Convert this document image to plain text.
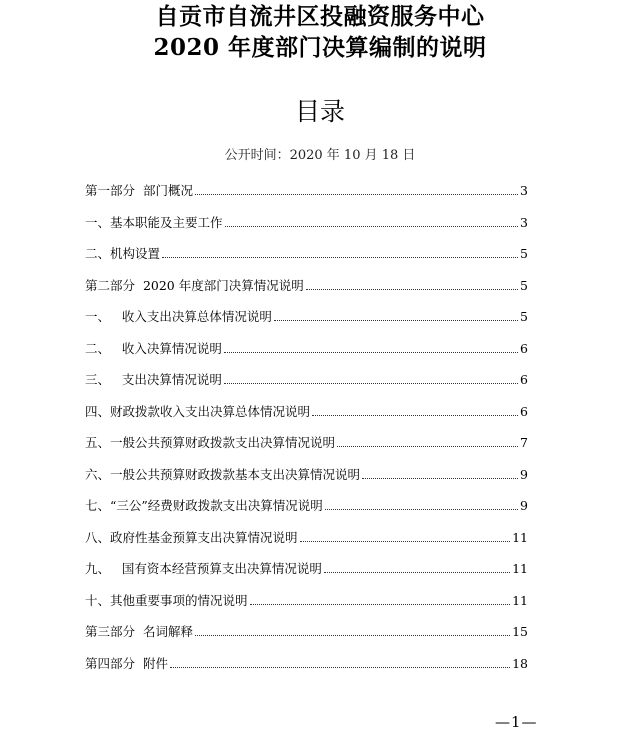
自贡市自流井区投融资服务中心
2020 年度部门决算编制的说明
目录
公开时间：2020 年 10 月 18 日
第一部分  部门概况	3
一、基本职能及主要工作	3
二、机构设置	5
第二部分  2020 年度部门决算情况说明	5
一、   收入支出决算总体情况说明	5
二、   收入决算情况说明	6
三、   支出决算情况说明	6
四、财政拨款收入支出决算总体情况说明	6
五、一般公共预算财政拨款支出决算情况说明	7
六、一般公共预算财政拨款基本支出决算情况说明	9
七、“三公”经费财政拨款支出决算情况说明	9
八、政府性基金预算支出决算情况说明	11
九、   国有资本经营预算支出决算情况说明	11
十、其他重要事项的情况说明	11
第三部分  名词解释	15
第四部分  附件	18
—1—
